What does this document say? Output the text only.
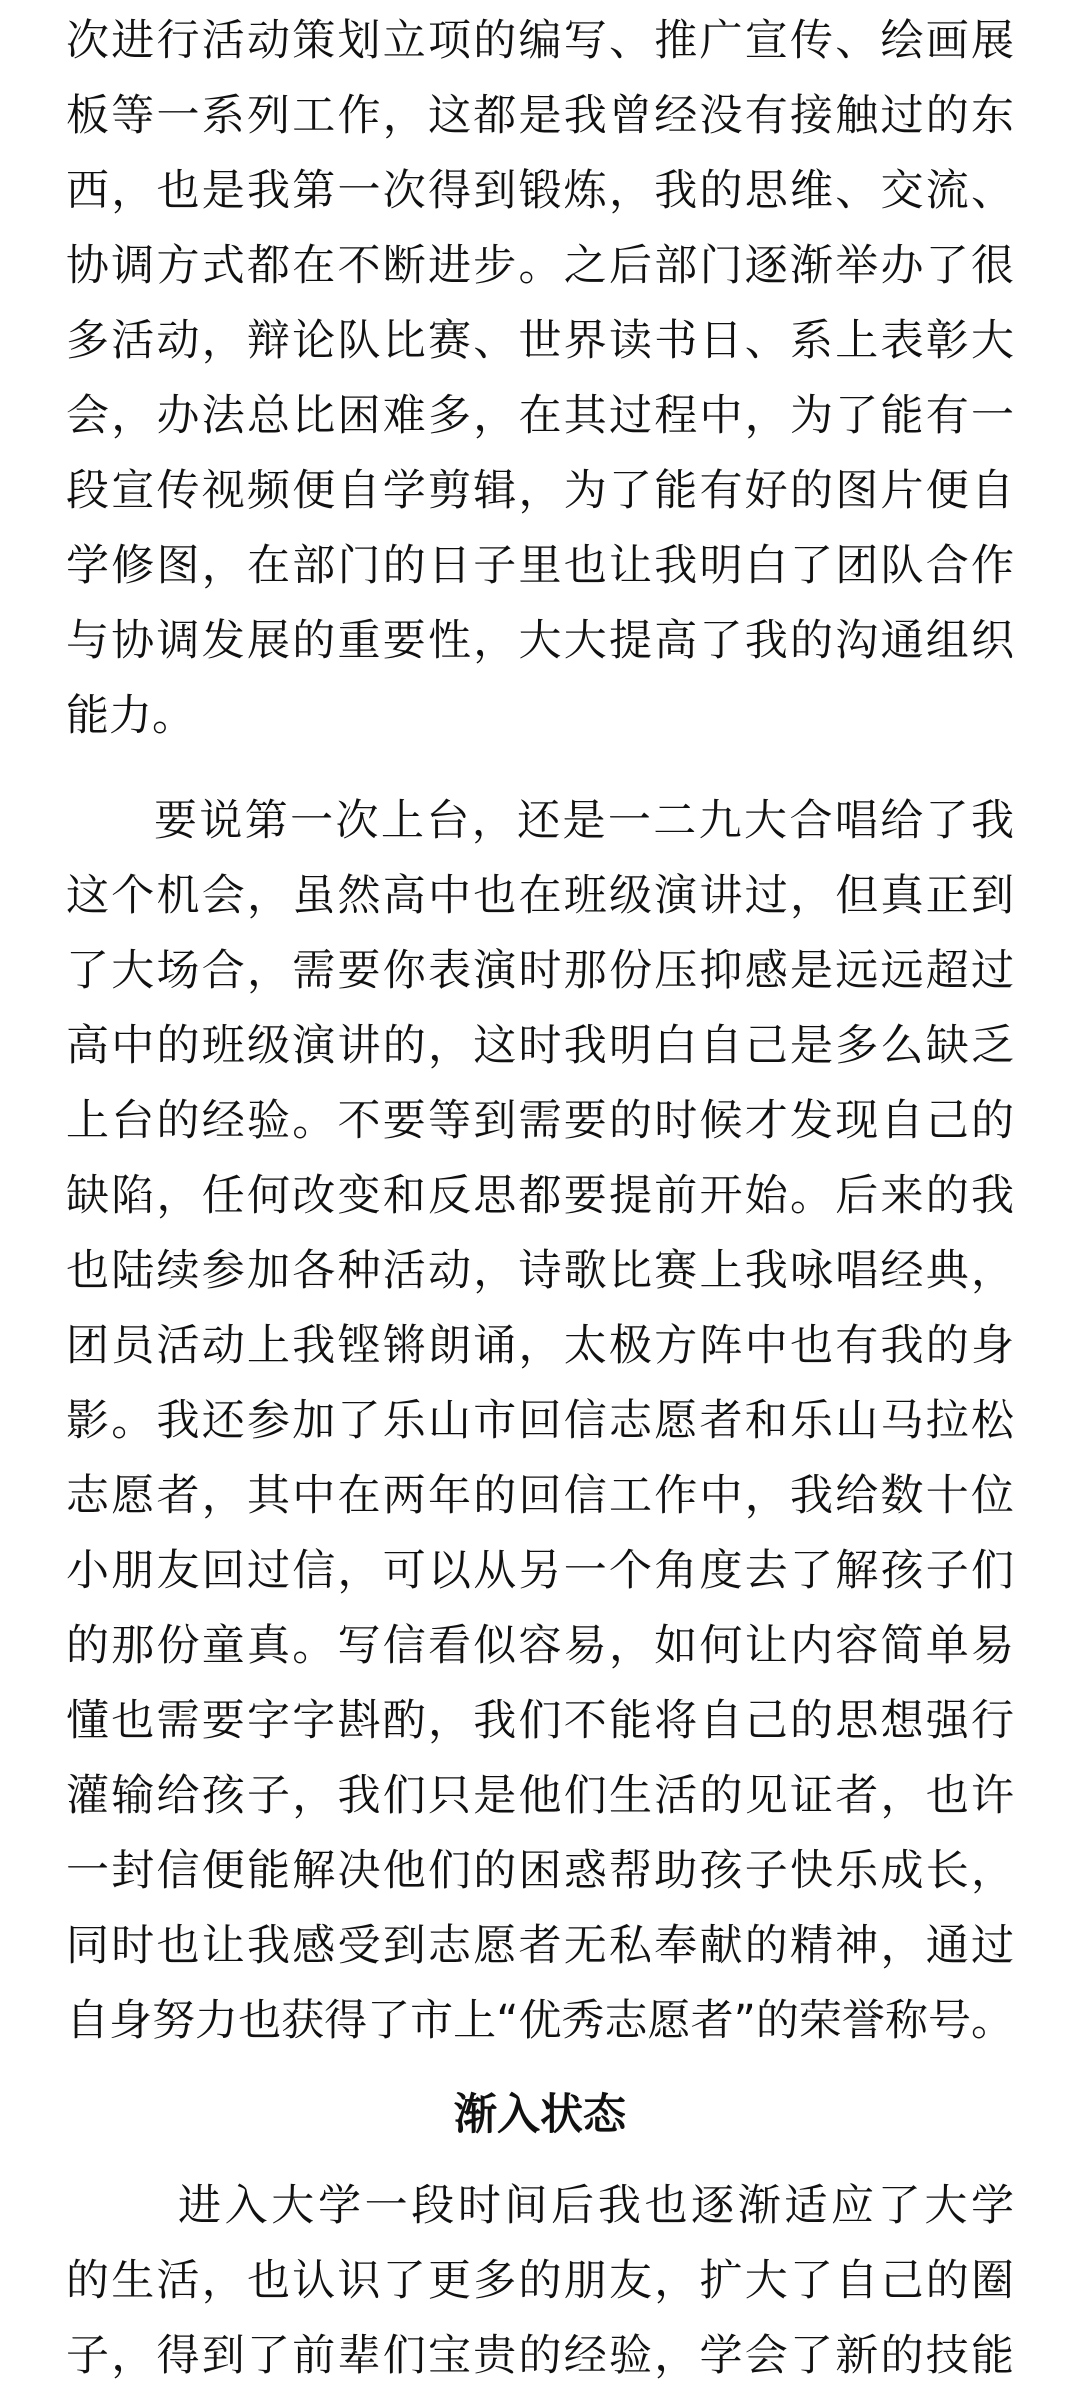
次进行活动策划立项的编写、推广宣传、绘画展
板等一系列工作，这都是我曾经没有接触过的东
西，也是我第一次得到锻炼，我的思维、交流、
协调方式都在不断进步。之后部门逐渐举办了很
多活动，辩论队比赛、世界读书日、系上表彰大
会，办法总比困难多，在其过程中，为了能有一
段宣传视频便自学剪辑，为了能有好的图片便自
学修图，在部门的日子里也让我明白了团队合作
与协调发展的重要性，大大提高了我的沟通组织
能力。
要说第一次上台，还是一二九大合唱给了我
这个机会，虽然高中也在班级演讲过，但真正到
了大场合，需要你表演时那份压抑感是远远超过
高中的班级演讲的，这时我明白自己是多么缺乏
上台的经验。不要等到需要的时候才发现自己的
缺陷，任何改变和反思都要提前开始。后来的我
也陆续参加各种活动，诗歌比赛上我咏唱经典，
团员活动上我铿锵朗诵，太极方阵中也有我的身
影。我还参加了乐山市回信志愿者和乐山马拉松
志愿者，其中在两年的回信工作中，我给数十位
小朋友回过信，可以从另一个角度去了解孩子们
的那份童真。写信看似容易，如何让内容简单易
懂也需要字字斟酌，我们不能将自己的思想强行
灌输给孩子，我们只是他们生活的见证者，也许
一封信便能解决他们的困惑帮助孩子快乐成长，
同时也让我感受到志愿者无私奉献的精神，通过
自身努力也获得了市上“优秀志愿者”的荣誉称号。
渐入状态
进入大学一段时间后我也逐渐适应了大学
的生活，也认识了更多的朋友，扩大了自己的圈
子，得到了前辈们宝贵的经验，学会了新的技能
